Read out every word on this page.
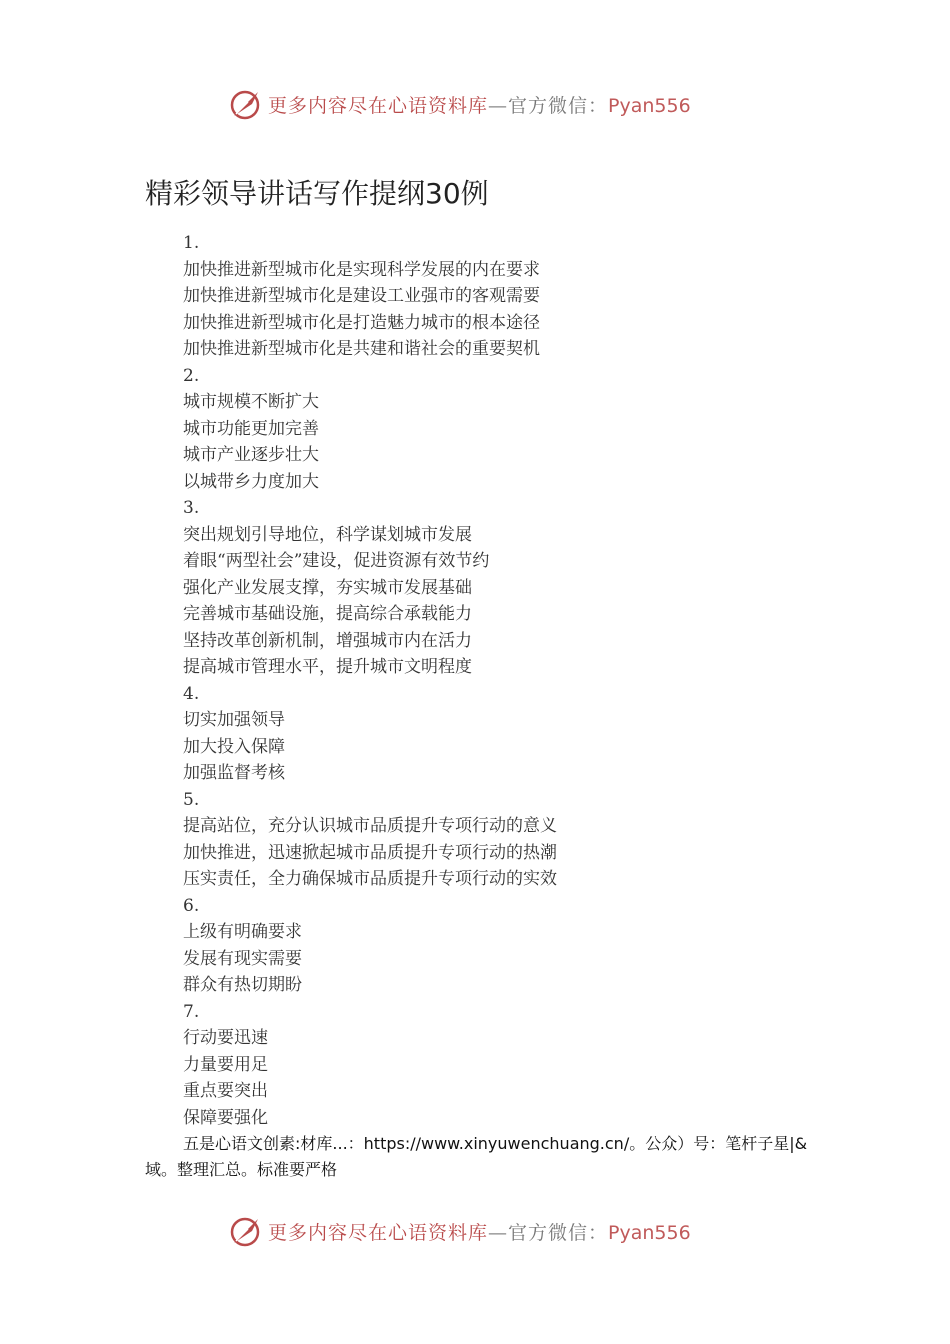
更多内容尽在心语资料库—官方微信：Pyan556
精彩领导讲话写作提纲30例
1.
加快推进新型城市化是实现科学发展的内在要求
加快推进新型城市化是建设工业强市的客观需要
加快推进新型城市化是打造魅力城市的根本途径
加快推进新型城市化是共建和谐社会的重要契机
2.
城市规模不断扩大
城市功能更加完善
城市产业逐步壮大
以城带乡力度加大
3.
突出规划引导地位，科学谋划城市发展
着眼“两型社会”建设，促进资源有效节约
强化产业发展支撑，夯实城市发展基础
完善城市基础设施，提高综合承载能力
坚持改革创新机制，增强城市内在活力
提高城市管理水平，提升城市文明程度
4.
切实加强领导
加大投入保障
加强监督考核
5.
提高站位，充分认识城市品质提升专项行动的意义
加快推进，迅速掀起城市品质提升专项行动的热潮
压实责任，全力确保城市品质提升专项行动的实效
6.
上级有明确要求
发展有现实需要
群众有热切期盼
7.
行动要迅速
力量要用足
重点要突出
保障要强化
五是心语文创素:材库...：https://www.xinyuwenchuang.cn/。公众）号：笔杆子星|&域。整理汇总。标准要严格
更多内容尽在心语资料库—官方微信：Pyan556
